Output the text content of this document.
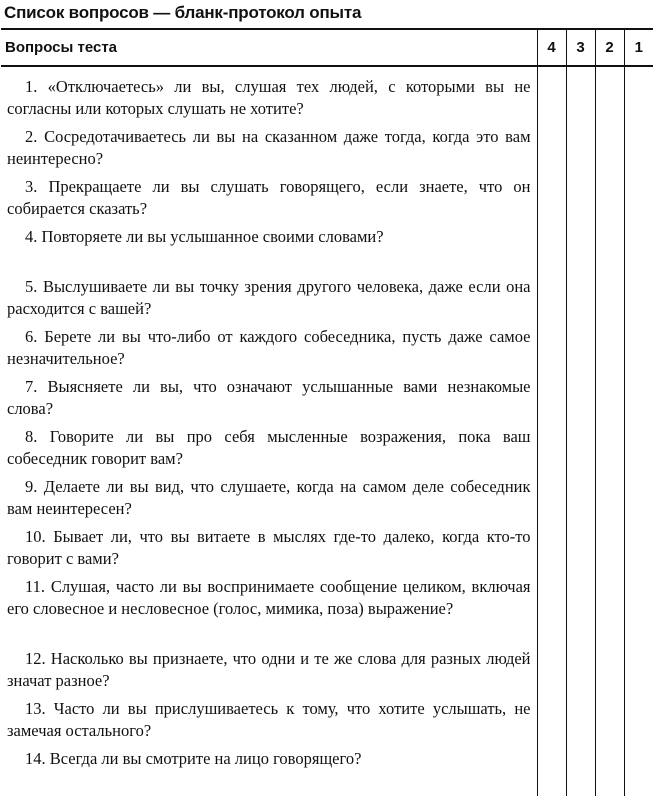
Список вопросов — бланк-протокол опыта
Вопросы теста	4	3	2	1
1. «Отключаетесь» ли вы, слушая тех людей, с которыми вы не согласны или которых слушать не хотите?				
2. Сосредотачиваетесь ли вы на сказанном даже тогда, когда это вам неинтересно?				
3. Прекращаете ли вы слушать говорящего, если знаете, что он собирается сказать?				
4. Повторяете ли вы услышанное своими словами?				
5. Выслушиваете ли вы точку зрения другого человека, даже если она расходится с вашей?				
6. Берете ли вы что-либо от каждого собеседника, пусть даже самое незначительное?				
7. Выясняете ли вы, что означают услышанные вами незнакомые слова?				
8. Говорите ли вы про себя мысленные возражения, пока ваш собеседник говорит вам?				
9. Делаете ли вы вид, что слушаете, когда на самом деле собеседник вам неинтересен?				
10. Бывает ли, что вы витаете в мыслях где-то далеко, когда кто-то говорит с вами?				
11. Слушая, часто ли вы воспринимаете сообщение целиком, включая его словесное и несловесное (голос, мимика, поза) выражение?				
12. Насколько вы признаете, что одни и те же слова для разных людей значат разное?				
13. Часто ли вы прислушиваетесь к тому, что хотите услышать, не замечая остального?				
14. Всегда ли вы смотрите на лицо говорящего?				
